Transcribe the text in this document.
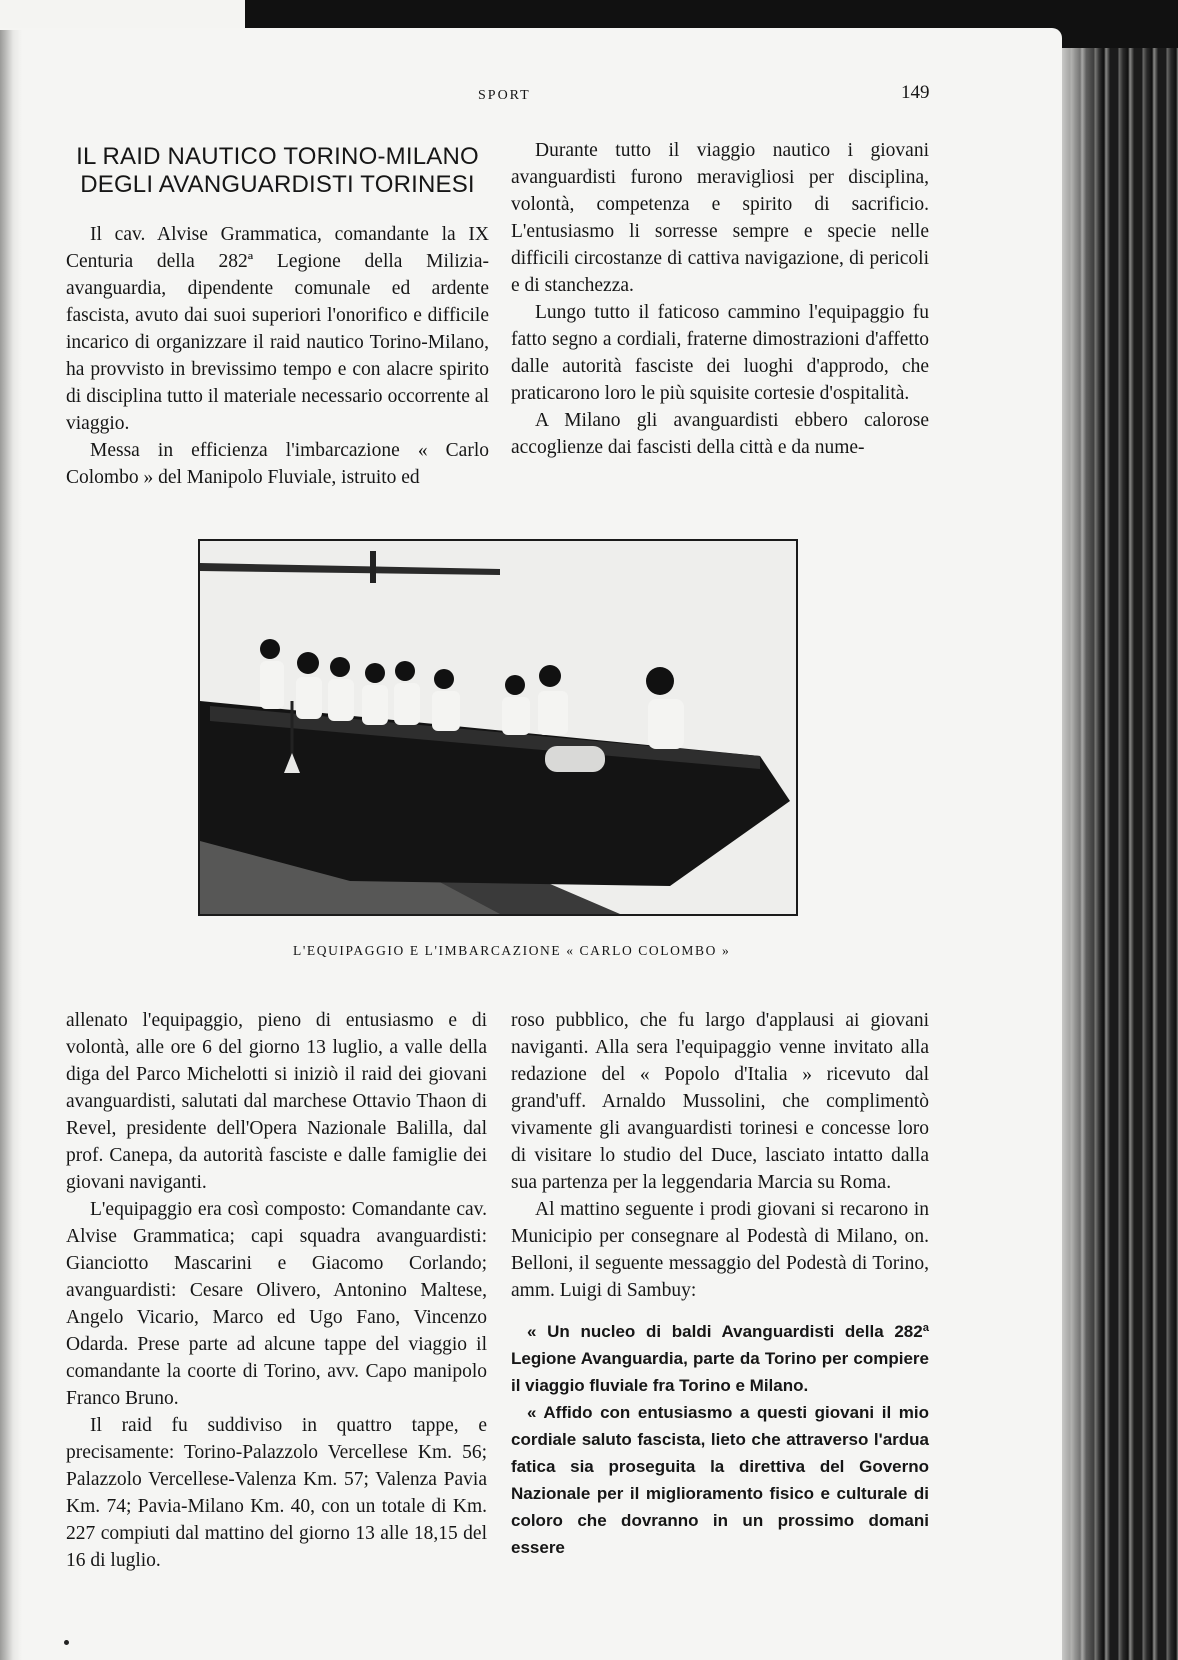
SPORT	149
IL RAID NAUTICO TORINO-MILANO
DEGLI AVANGUARDISTI TORINESI

Il cav. Alvise Grammatica, comandante la IX Centuria della 282ª Legione della Milizia-avanguardia, dipendente comunale ed ardente fascista, avuto dai suoi superiori l'onorifico e difficile incarico di organizzare il raid nautico Torino-Milano, ha provvisto in brevissimo tempo e con alacre spirito di disciplina tutto il materiale necessario occorrente al viaggio.

Messa in efficienza l'imbarcazione « Carlo Colombo » del Manipolo Fluviale, istruito ed

Durante tutto il viaggio nautico i giovani avanguardisti furono meravigliosi per disciplina, volontà, competenza e spirito di sacrificio. L'entusiasmo li sorresse sempre e specie nelle difficili circostanze di cattiva navigazione, di pericoli e di stanchezza.

Lungo tutto il faticoso cammino l'equipaggio fu fatto segno a cordiali, fraterne dimostrazioni d'affetto dalle autorità fasciste dei luoghi d'approdo, che praticarono loro le più squisite cortesie d'ospitalità.

A Milano gli avanguardisti ebbero calorose accoglienze dai fascisti della città e da nume-

L'EQUIPAGGIO E L'IMBARCAZIONE « CARLO COLOMBO »

allenato l'equipaggio, pieno di entusiasmo e di volontà, alle ore 6 del giorno 13 luglio, a valle della diga del Parco Michelotti si iniziò il raid dei giovani avanguardisti, salutati dal marchese Ottavio Thaon di Revel, presidente dell'Opera Nazionale Balilla, dal prof. Canepa, da autorità fasciste e dalle famiglie dei giovani naviganti.

L'equipaggio era così composto: Comandante cav. Alvise Grammatica; capi squadra avanguardisti: Gianciotto Mascarini e Giacomo Corlando; avanguardisti: Cesare Olivero, Antonino Maltese, Angelo Vicario, Marco ed Ugo Fano, Vincenzo Odarda. Prese parte ad alcune tappe del viaggio il comandante la coorte di Torino, avv. Capo manipolo Franco Bruno.

Il raid fu suddiviso in quattro tappe, e precisamente: Torino-Palazzolo Vercellese Km. 56; Palazzolo Vercellese-Valenza Km. 57; Valenza Pavia Km. 74; Pavia-Milano Km. 40, con un totale di Km. 227 compiuti dal mattino del giorno 13 alle 18,15 del 16 di luglio.

roso pubblico, che fu largo d'applausi ai giovani naviganti. Alla sera l'equipaggio venne invitato alla redazione del « Popolo d'Italia » ricevuto dal grand'uff. Arnaldo Mussolini, che complimentò vivamente gli avanguardisti torinesi e concesse loro di visitare lo studio del Duce, lasciato intatto dalla sua partenza per la leggendaria Marcia su Roma.

Al mattino seguente i prodi giovani si recarono in Municipio per consegnare al Podestà di Milano, on. Belloni, il seguente messaggio del Podestà di Torino, amm. Luigi di Sambuy:

« Un nucleo di baldi Avanguardisti della 282ª Legione Avanguardia, parte da Torino per compiere il viaggio fluviale fra Torino e Milano.

« Affido con entusiasmo a questi giovani il mio cordiale saluto fascista, lieto che attraverso l'ardua fatica sia proseguita la direttiva del Governo Nazionale per il miglioramento fisico e culturale di coloro che dovranno in un prossimo domani essere
